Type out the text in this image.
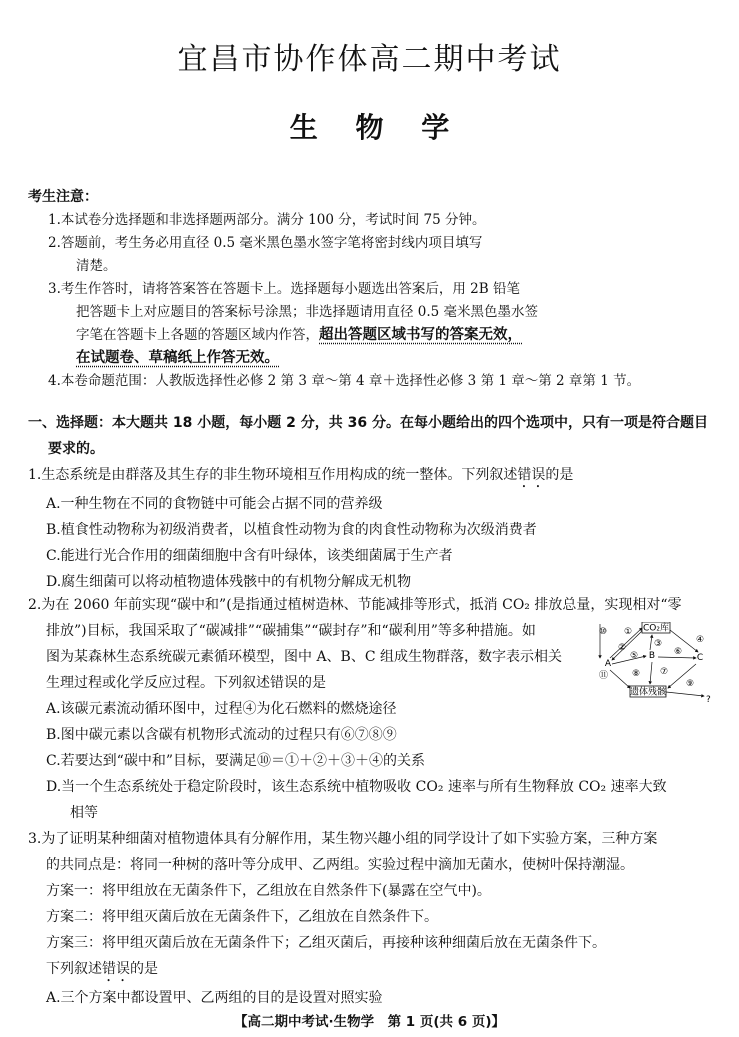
宜昌市协作体高二期中考试
生 物 学
考生注意：
1.本试卷分选择题和非选择题两部分。满分 100 分，考试时间 75 分钟。
2.答题前，考生务必用直径 0.5 毫米黑色墨水签字笔将密封线内项目填写
清楚。
3.考生作答时，请将答案答在答题卡上。选择题每小题选出答案后，用 2B 铅笔
把答题卡上对应题目的答案标号涂黑；非选择题请用直径 0.5 毫米黑色墨水签
字笔在答题卡上各题的答题区域内作答，超出答题区域书写的答案无效，
在试题卷、草稿纸上作答无效。
4.本卷命题范围：人教版选择性必修 2 第 3 章～第 4 章＋选择性必修 3 第 1 章～第 2 章第 1 节。
一、选择题：本大题共 18 小题，每小题 2 分，共 36 分。在每小题给出的四个选项中，只有一项是符合题目
要求的。
1.生态系统是由群落及其生存的非生物环境相互作用构成的统一整体。下列叙述错误的是
A.一种生物在不同的食物链中可能会占据不同的营养级
B.植食性动物称为初级消费者，以植食性动物为食的肉食性动物称为次级消费者
C.能进行光合作用的细菌细胞中含有叶绿体，该类细菌属于生产者
D.腐生细菌可以将动植物遗体残骸中的有机物分解成无机物
2.为在 2060 年前实现“碳中和”(是指通过植树造林、节能减排等形式，抵消 CO₂ 排放总量，实现相对“零
排放”)目标，我国采取了“碳减排”“碳捕集”“碳封存”和“碳利用”等多种措施。如
图为某森林生态系统碳元素循环模型，图中 A、B、C 组成生物群落，数字表示相关
生理过程或化学反应过程。下列叙述错误的是
A.该碳元素流动循环图中，过程④为化石燃料的燃烧途径
B.图中碳元素以含碳有机物形式流动的过程只有⑥⑦⑧⑨
C.若要达到“碳中和”目标，要满足⑩＝①＋②＋③＋④的关系
D.当一个生态系统处于稳定阶段时，该生态系统中植物吸收 CO₂ 速率与所有生物释放 CO₂ 速率大致
相等
CO₂库
A
B	C
遗体残骸
⑩ ①
②	③	④
⑤	⑥
⑦
⑧
⑪
⑨
?
3.为了证明某种细菌对植物遗体具有分解作用，某生物兴趣小组的同学设计了如下实验方案，三种方案
的共同点是：将同一种树的落叶等分成甲、乙两组。实验过程中滴加无菌水，使树叶保持潮湿。
方案一：将甲组放在无菌条件下，乙组放在自然条件下(暴露在空气中)。
方案二：将甲组灭菌后放在无菌条件下，乙组放在自然条件下。
方案三：将甲组灭菌后放在无菌条件下；乙组灭菌后，再接种该种细菌后放在无菌条件下。
下列叙述错误的是
A.三个方案中都设置甲、乙两组的目的是设置对照实验
【高二期中考试·生物学　第 1 页(共 6 页)】
